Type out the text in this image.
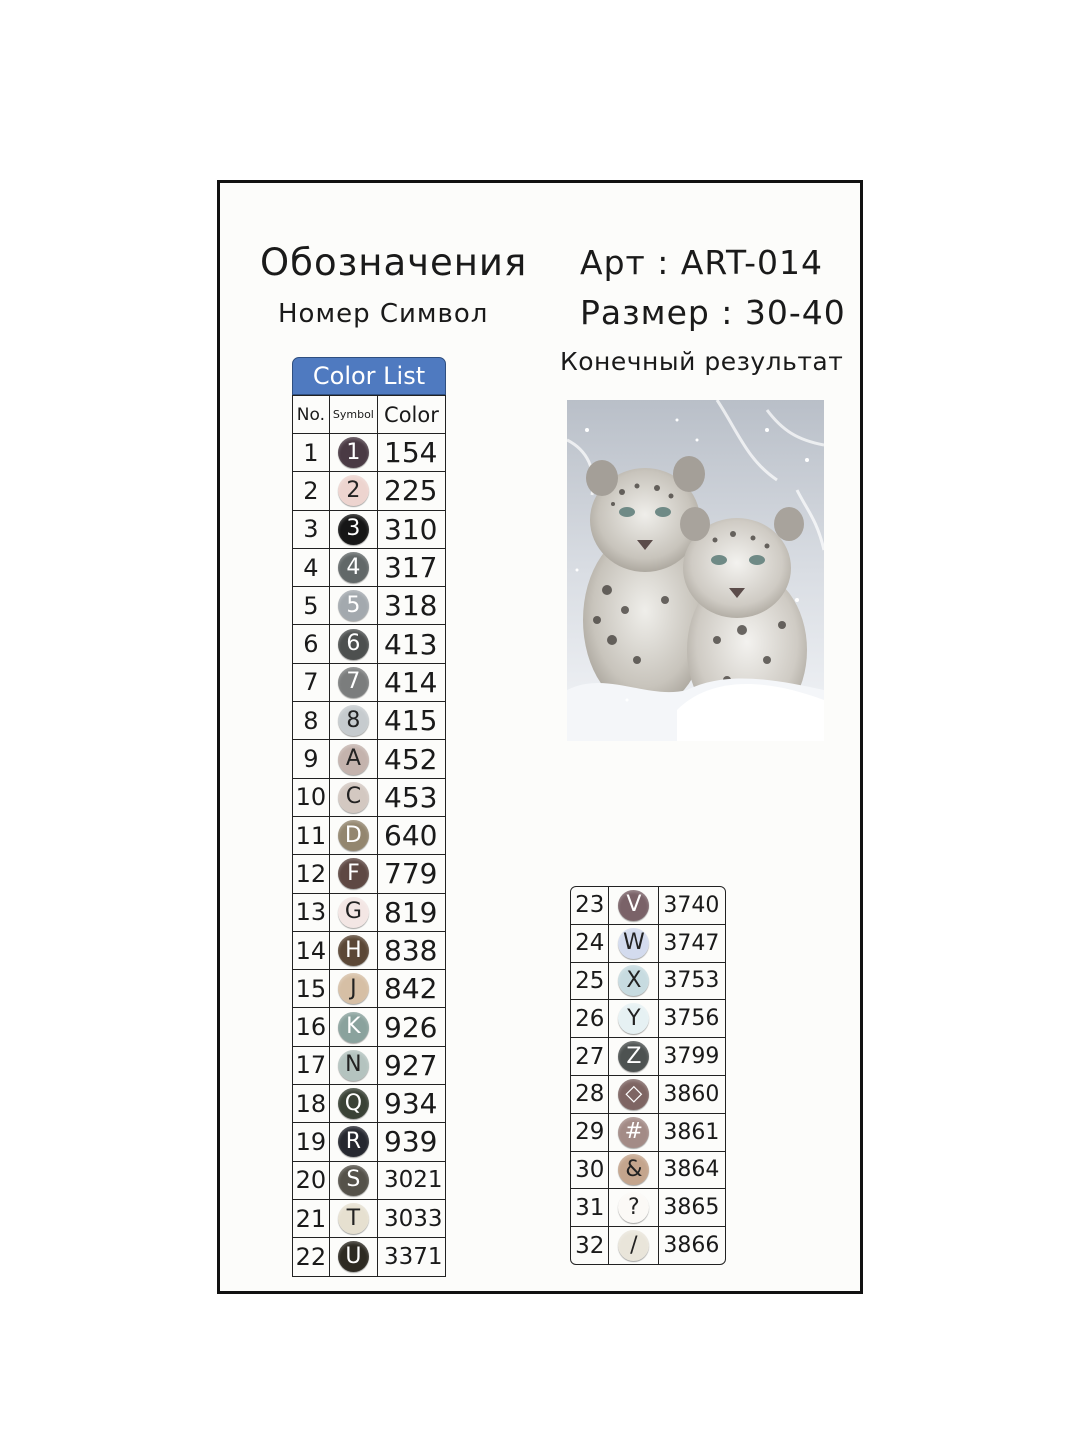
Обозначения
Номер Символ
Арт : ART-014
Размер : 30-40
Конечный результат
Color List
No.	Symbol	Color
1	1	154
2	2	225
3	3	310
4	4	317
5	5	318
6	6	413
7	7	414
8	8	415
9	A	452
10	C	453
11	D	640
12	F	779
13	G	819
14	H	838
15	J	842
16	K	926
17	N	927
18	Q	934
19	R	939
20	S	3021
21	T	3033
22	U	3371
23	V	3740
24	W	3747
25	X	3753
26	Y	3756
27	Z	3799
28	◇	3860
29	#	3861
30	&	3864
31	?	3865
32	/	3866
